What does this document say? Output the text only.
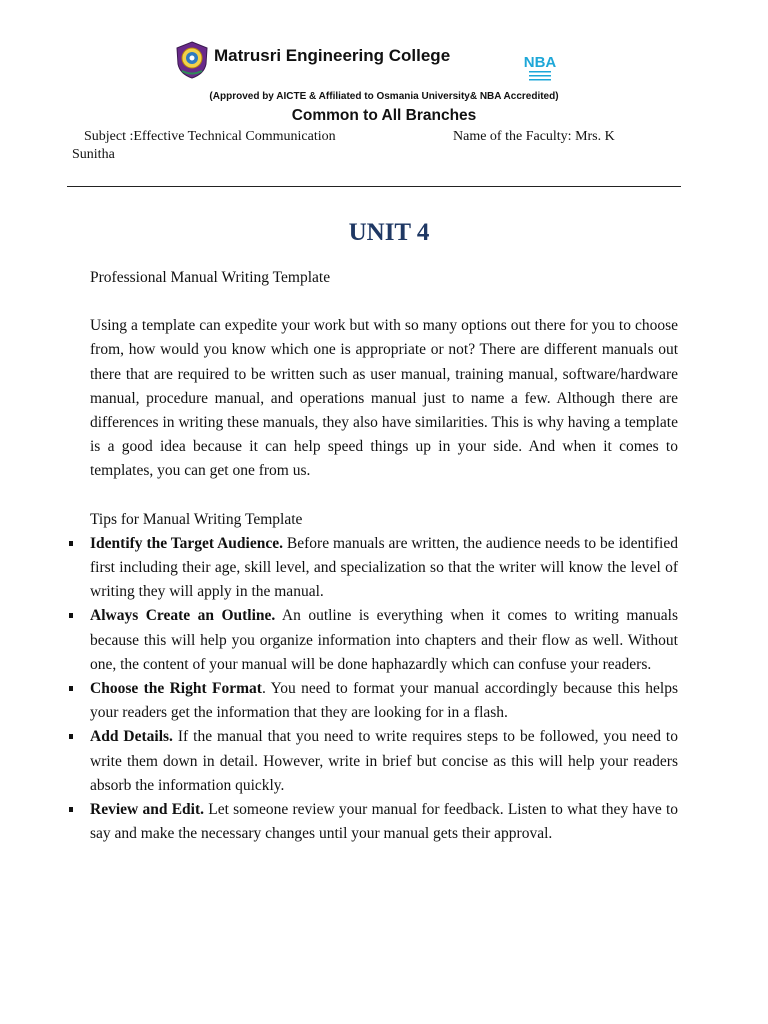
Matrusri Engineering College	NBA
(Approved by AICTE & Affiliated to Osmania University& NBA Accredited)
Common to All Branches
Subject :Effective Technical Communication	Name of the Faculty: Mrs. K
Sunitha
UNIT 4

Professional Manual Writing Template

Using a template can expedite your work but with so many options out there for you to choose from, how would you know which one is appropriate or not? There are different manuals out there that are required to be written such as user manual, training manual, software/hardware manual, procedure manual, and operations manual just to name a few. Although there are differences in writing these manuals, they also have similarities. This is why having a template is a good idea because it can help speed things up in your side. And when it comes to templates, you can get one from us.

Tips for Manual Writing Template

Identify the Target Audience. Before manuals are written, the audience needs to be identified first including their age, skill level, and specialization so that the writer will know the level of writing they will apply in the manual.
Always Create an Outline. An outline is everything when it comes to writing manuals because this will help you organize information into chapters and their flow as well. Without one, the content of your manual will be done haphazardly which can confuse your readers.
Choose the Right Format. You need to format your manual accordingly because this helps your readers get the information that they are looking for in a flash.
Add Details. If the manual that you need to write requires steps to be followed, you need to write them down in detail. However, write in brief but concise as this will help your readers absorb the information quickly.
Review and Edit. Let someone review your manual for feedback. Listen to what they have to say and make the necessary changes until your manual gets their approval.
